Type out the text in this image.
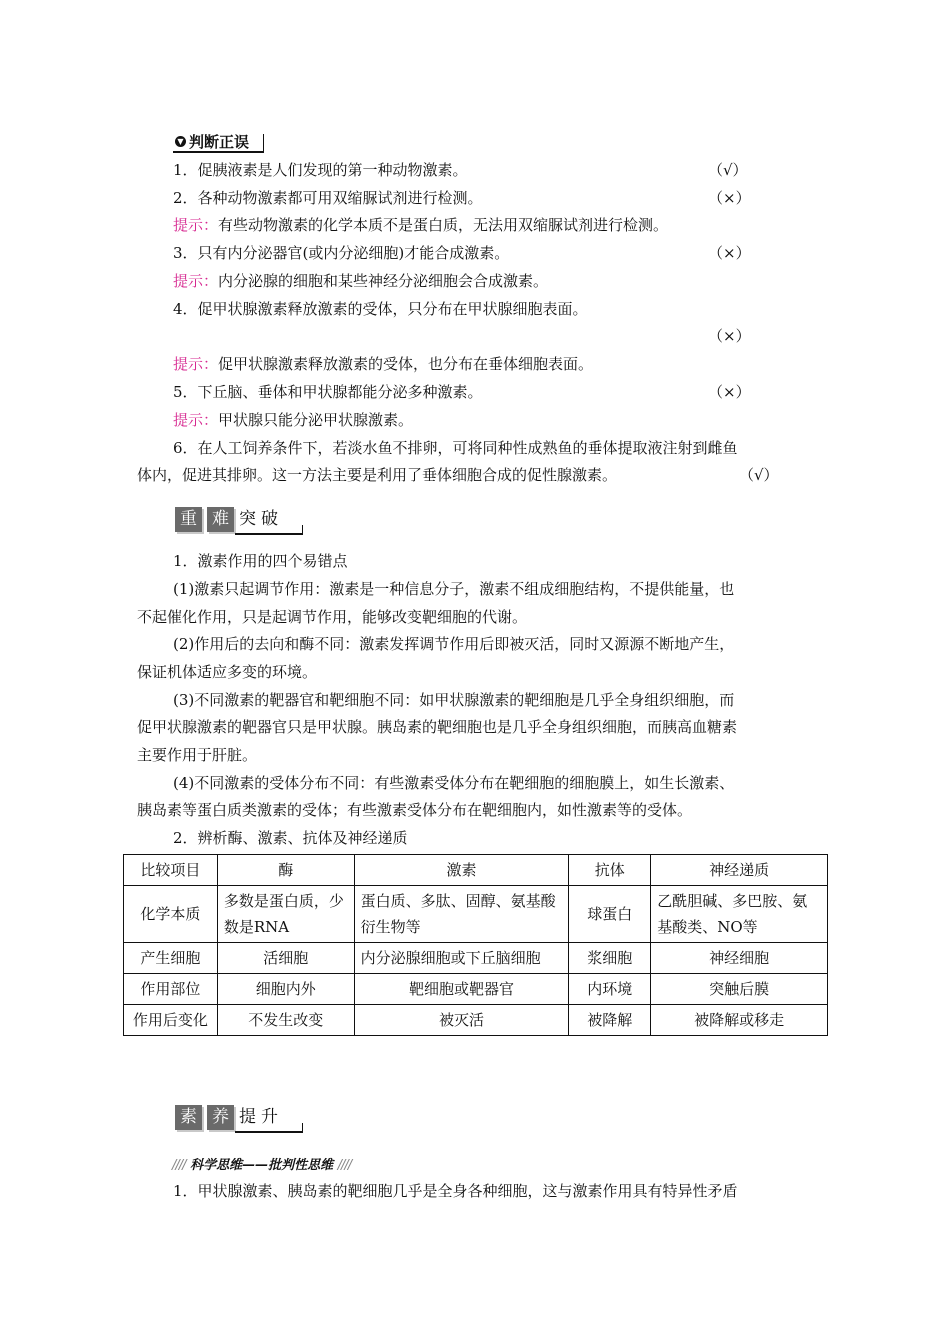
▼ 判断正误
1．促胰液素是人们发现的第一种动物激素。	（√）
2．各种动物激素都可用双缩脲试剂进行检测。	（×）
提示：有些动物激素的化学本质不是蛋白质，无法用双缩脲试剂进行检测。
3．只有内分泌器官(或内分泌细胞)才能合成激素。	（×）
提示：内分泌腺的细胞和某些神经分泌细胞会合成激素。
4．促甲状腺激素释放激素的受体，只分布在甲状腺细胞表面。
（×）
提示：促甲状腺激素释放激素的受体，也分布在垂体细胞表面。
5．下丘脑、垂体和甲状腺都能分泌多种激素。	（×）
提示：甲状腺只能分泌甲状腺激素。
6．在人工饲养条件下，若淡水鱼不排卵，可将同种性成熟鱼的垂体提取液注射到雌鱼
体内，促进其排卵。这一方法主要是利用了垂体细胞合成的促性腺激素。	（√）
重 难 突 破
1．激素作用的四个易错点
(1)激素只起调节作用：激素是一种信息分子，激素不组成细胞结构，不提供能量，也
不起催化作用，只是起调节作用，能够改变靶细胞的代谢。
(2)作用后的去向和酶不同：激素发挥调节作用后即被灭活，同时又源源不断地产生，
保证机体适应多变的环境。
(3)不同激素的靶器官和靶细胞不同：如甲状腺激素的靶细胞是几乎全身组织细胞，而
促甲状腺激素的靶器官只是甲状腺。胰岛素的靶细胞也是几乎全身组织细胞，而胰高血糖素
主要作用于肝脏。
(4)不同激素的受体分布不同：有些激素受体分布在靶细胞的细胞膜上，如生长激素、
胰岛素等蛋白质类激素的受体；有些激素受体分布在靶细胞内，如性激素等的受体。
2．辨析酶、激素、抗体及神经递质
比较项目	酶	激素	抗体	神经递质
化学本质	多数是蛋白质，少数是RNA	蛋白质、多肽、固醇、氨基酸衍生物等	球蛋白	乙酰胆碱、多巴胺、氨基酸类、NO等
产生细胞	活细胞	内分泌腺细胞或下丘脑细胞	浆细胞	神经细胞
作用部位	细胞内外	靶细胞或靶器官	内环境	突触后膜
作用后变化	不发生改变	被灭活	被降解	被降解或移走
素 养 提 升
//// 科学思维——批判性思维 ////
1．甲状腺激素、胰岛素的靶细胞几乎是全身各种细胞，这与激素作用具有特异性矛盾
